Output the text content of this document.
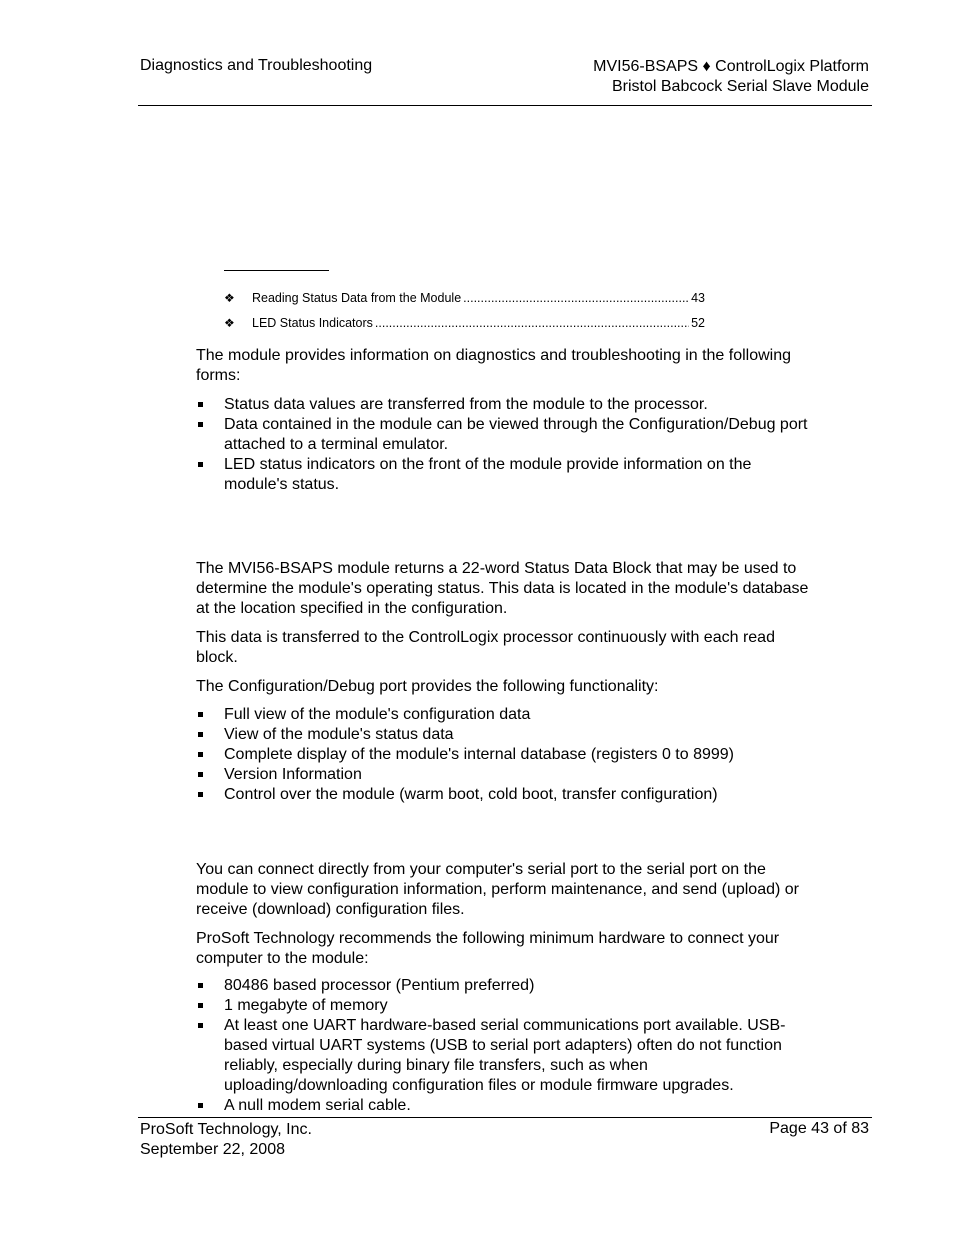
Diagnostics and Troubleshooting	MVI56-BSAPS ♦ ControlLogix Platform
Bristol Babcock Serial Slave Module
❖	Reading Status Data from the Module .....	43
❖	LED Status Indicators .....	52

The module provides information on diagnostics and troubleshooting in the following forms:

Status data values are transferred from the module to the processor.
Data contained in the module can be viewed through the Configuration/Debug port attached to a terminal emulator.
LED status indicators on the front of the module provide information on the module's status.

The MVI56-BSAPS module returns a 22-word Status Data Block that may be used to determine the module's operating status. This data is located in the module's database at the location specified in the configuration.

This data is transferred to the ControlLogix processor continuously with each read block.

The Configuration/Debug port provides the following functionality:

Full view of the module's configuration data
View of the module's status data
Complete display of the module's internal database (registers 0 to 8999)
Version Information
Control over the module (warm boot, cold boot, transfer configuration)

You can connect directly from your computer's serial port to the serial port on the module to view configuration information, perform maintenance, and send (upload) or receive (download) configuration files.

ProSoft Technology recommends the following minimum hardware to connect your computer to the module:

80486 based processor (Pentium preferred)
1 megabyte of memory
At least one UART hardware-based serial communications port available. USB-based virtual UART systems (USB to serial port adapters) often do not function reliably, especially during binary file transfers, such as when uploading/downloading configuration files or module firmware upgrades.
A null modem serial cable.
ProSoft Technology, Inc.
September 22, 2008
Page 43 of 83
